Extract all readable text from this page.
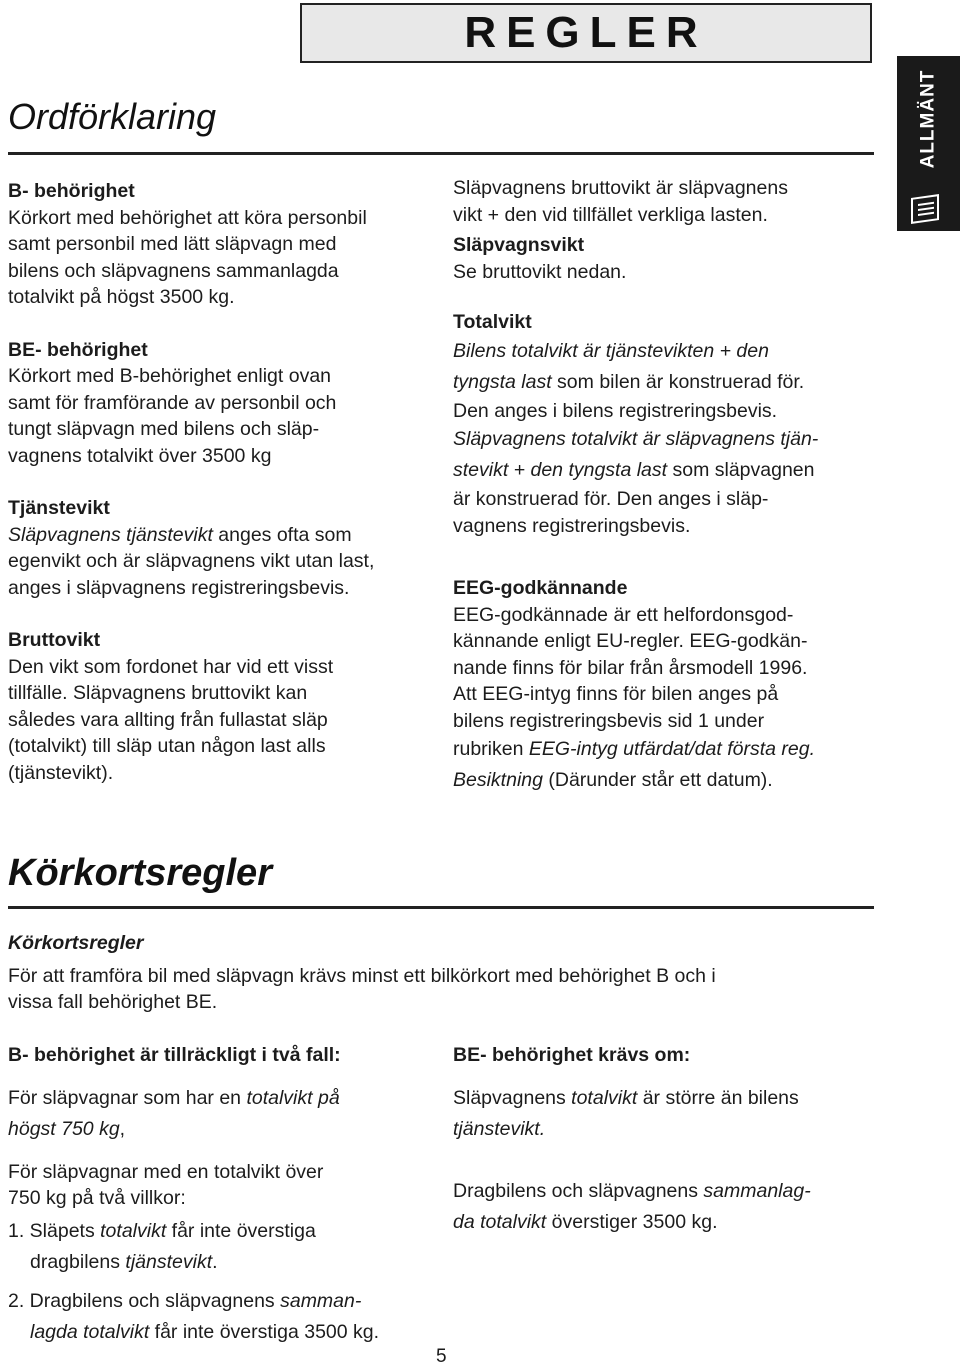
REGLER
ALLMÄNT
Ordförklaring

B- behörighet

Körkort med behörighet att köra personbil

samt personbil med lätt släpvagn med

bilens och släpvagnens sammanlagda

totalvikt på högst 3500 kg.

BE- behörighet

Körkort med B-behörighet enligt ovan

samt för framförande av personbil och

tungt släpvagn med bilens och släp-

vagnens totalvikt över 3500 kg

Tjänstevikt

Släpvagnens tjänstevikt anges ofta som

egenvikt och är släpvagnens vikt utan last,

anges i släpvagnens registreringsbevis.

Bruttovikt

Den vikt som fordonet har vid ett visst

tillfälle. Släpvagnens bruttovikt kan

således vara allting från fullastat släp

(totalvikt) till släp utan någon last alls

(tjänstevikt).

Släpvagnens bruttovikt är släpvagnens

vikt + den vid tillfället verkliga lasten.

Släpvagnsvikt

Se bruttovikt nedan.

Totalvikt

Bilens totalvikt är tjänstevikten + den

tyngsta last som bilen är konstruerad för.

Den anges i bilens registreringsbevis.

Släpvagnens totalvikt är släpvagnens tjän-

stevikt + den tyngsta last som släpvagnen

är konstruerad för. Den anges i släp-

vagnens registreringsbevis.

EEG-godkännande

EEG-godkännade är ett helfordonsgod-

kännande enligt EU-regler. EEG-godkän-

nande finns för bilar från årsmodell 1996.

Att EEG-intyg finns för bilen anges på

bilens registreringsbevis sid 1 under

rubriken EEG-intyg utfärdat/dat första reg.

Besiktning (Därunder står ett datum).

Körkortsregler

Körkortsregler

För att framföra bil med släpvagn krävs minst ett bilkörkort med behörighet B och i

vissa fall behörighet BE.

B- behörighet är tillräckligt i två fall:

För släpvagnar som har en totalvikt på

högst 750 kg,

För släpvagnar med en totalvikt över

750 kg på två villkor:

1. Släpets totalvikt får inte överstiga

dragbilens tjänstevikt.

2. Dragbilens och släpvagnens samman-

lagda totalvikt får inte överstiga 3500 kg.

BE- behörighet krävs om:

Släpvagnens totalvikt är större än bilens

tjänstevikt.

Dragbilens och släpvagnens sammanlag-

da totalvikt överstiger 3500 kg.

5
